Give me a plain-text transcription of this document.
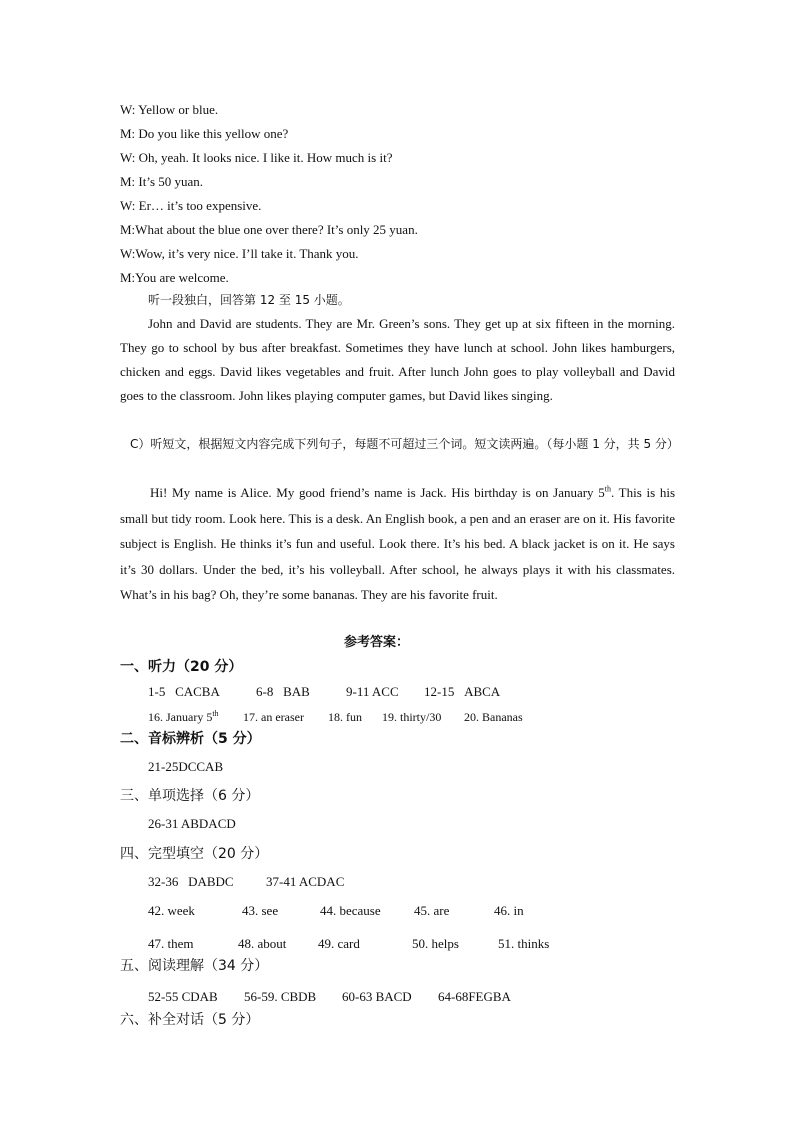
W: Yellow or blue.
M: Do you like this yellow one?
W: Oh, yeah. It looks nice. I like it. How much is it?
M: It’s 50 yuan.
W: Er… it’s too expensive.
M:What about the blue one over there? It’s only 25 yuan.
W:Wow, it’s very nice. I’ll take it. Thank you.
M:You are welcome.
听一段独白，回答第 12 至 15 小题。
John and David are students. They are Mr. Green’s sons. They get up at six fifteen in the morning. They go to school by bus after breakfast. Sometimes they have lunch at school. John likes hamburgers, chicken and eggs. David likes vegetables and fruit. After lunch John goes to play volleyball and David goes to the classroom. John likes playing computer games, but David likes singing.
C）听短文，根据短文内容完成下列句子，每题不可超过三个词。短文读两遍。（每小题 1 分，共 5 分）
Hi! My name is Alice. My good friend’s name is Jack. His birthday is on January 5th. This is his small but tidy room. Look here. This is a desk. An English book, a pen and an eraser are on it. His favorite subject is English. He thinks it’s fun and useful. Look there. It’s his bed. A black jacket is on it. He says it’s 30 dollars. Under the bed, it’s his volleyball. After school, he always plays it with his classmates. What’s in his bag? Oh, they’re some bananas. They are his favorite fruit.
参考答案：
一、听力（20 分）
1-5   CACBA	6-8   BAB	9-11 ACC 12-15   ABCA
16. January 5th 17. an eraser 18. fun 19. thirty/30 20. Bananas
二、音标辨析（5 分）
21-25DCCAB
三、单项选择（6 分）
26-31 ABDACD
四、完型填空（20 分）
32-36   DABDC 37-41 ACDAC
42. week	43. see	44. because	45. are	46. in
47. them	48. about 49. card	50. helps	51. thinks
五、阅读理解（34 分）
52-55 CDAB 56-59. CBDB 60-63 BACD 64-68FEGBA
六、补全对话（5 分）
